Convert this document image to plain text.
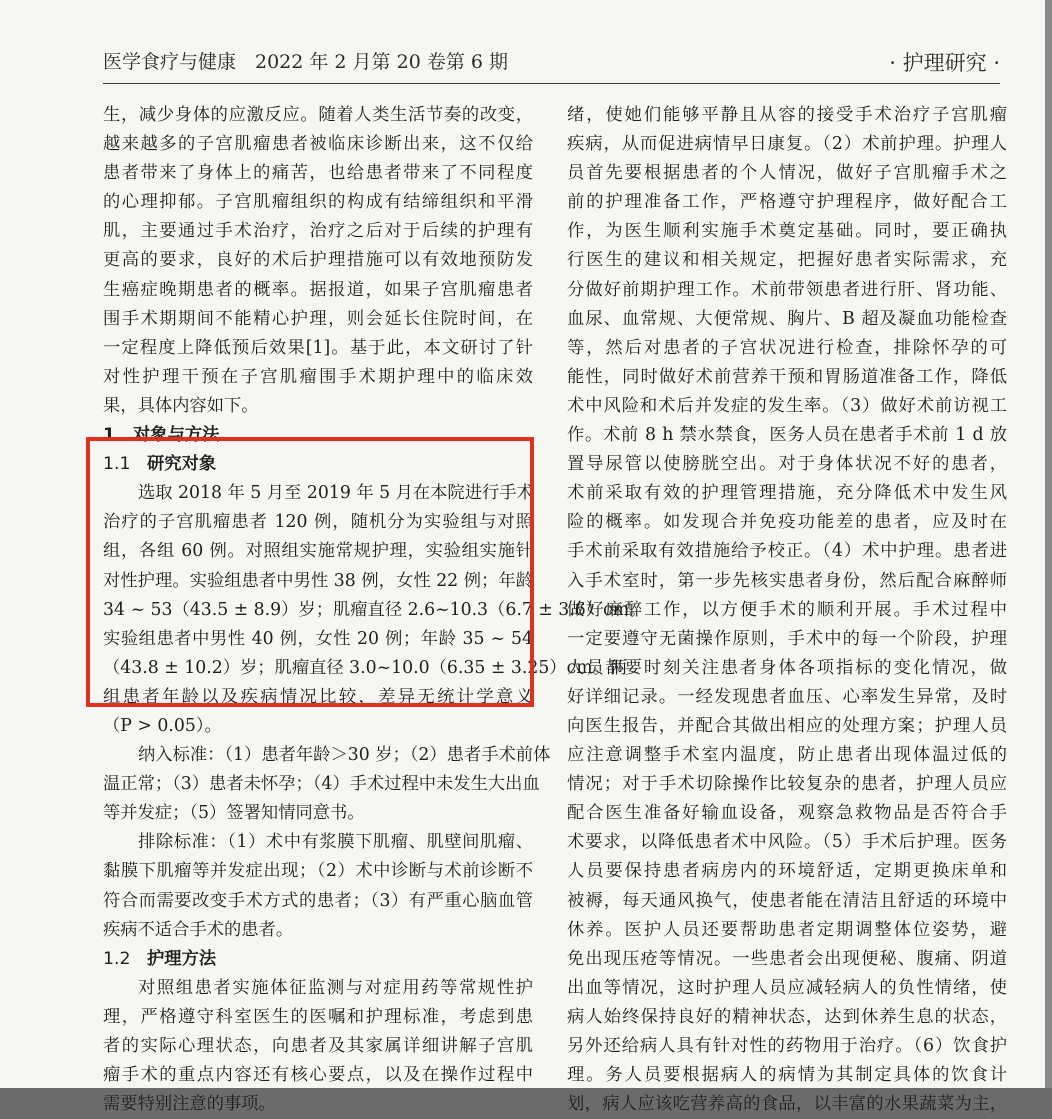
医学食疗与健康　2022 年 2 月第 20 卷第 6 期	· 护理研究 ·
生，减少身体的应激反应。随着人类生活节奏的改变，
越来越多的子宫肌瘤患者被临床诊断出来，这不仅给
患者带来了身体上的痛苦，也给患者带来了不同程度
的心理抑郁。子宫肌瘤组织的构成有结缔组织和平滑
肌，主要通过手术治疗，治疗之后对于后续的护理有
更高的要求，良好的术后护理措施可以有效地预防发
生癌症晚期患者的概率。据报道，如果子宫肌瘤患者
围手术期期间不能精心护理，则会延长住院时间，在
一定程度上降低预后效果[1]。基于此，本文研讨了针
对性护理干预在子宫肌瘤围手术期护理中的临床效
果，具体内容如下。
1 对象与方法
1.1 研究对象
选取 2018 年 5 月至 2019 年 5 月在本院进行手术
治疗的子宫肌瘤患者 120 例，随机分为实验组与对照
组，各组 60 例。对照组实施常规护理，实验组实施针
对性护理。实验组患者中男性 38 例，女性 22 例；年龄
34 ~ 53（43.5 ± 8.9）岁；肌瘤直径 2.6~10.3（6.7 ± 3.6）cm。
实验组患者中男性 40 例，女性 20 例；年龄 35 ~ 54
（43.8 ± 10.2）岁；肌瘤直径 3.0~10.0（6.35 ± 3.25）cm。两
组患者年龄以及疾病情况比较，差异无统计学意义
（P > 0.05）。
纳入标准：（1）患者年龄＞30 岁；（2）患者手术前体
温正常；（3）患者未怀孕；（4）手术过程中未发生大出血
等并发症；（5）签署知情同意书。
排除标准：（1）术中有浆膜下肌瘤、肌壁间肌瘤、
黏膜下肌瘤等并发症出现；（2）术中诊断与术前诊断不
符合而需要改变手术方式的患者；（3）有严重心脑血管
疾病不适合手术的患者。
1.2 护理方法
对照组患者实施体征监测与对症用药等常规性护
理，严格遵守科室医生的医嘱和护理标准，考虑到患
者的实际心理状态，向患者及其家属详细讲解子宫肌
瘤手术的重点内容还有核心要点，以及在操作过程中
需要特别注意的事项。
绪，使她们能够平静且从容的接受手术治疗子宫肌瘤
疾病，从而促进病情早日康复。（2）术前护理。护理人
员首先要根据患者的个人情况，做好子宫肌瘤手术之
前的护理准备工作，严格遵守护理程序，做好配合工
作，为医生顺利实施手术奠定基础。同时，要正确执
行医生的建议和相关规定，把握好患者实际需求，充
分做好前期护理工作。术前带领患者进行肝、肾功能、
血尿、血常规、大便常规、胸片、B 超及凝血功能检查
等，然后对患者的子宫状况进行检查，排除怀孕的可
能性，同时做好术前营养干预和胃肠道准备工作，降低
术中风险和术后并发症的发生率。（3）做好术前访视工
作。术前 8 h 禁水禁食，医务人员在患者手术前 1 d 放
置导尿管以使膀胱空出。对于身体状况不好的患者，
术前采取有效的护理管理措施，充分降低术中发生风
险的概率。如发现合并免疫功能差的患者，应及时在
手术前采取有效措施给予校正。（4）术中护理。患者进
入手术室时，第一步先核实患者身份，然后配合麻醉师
做好麻醉工作，以方便手术的顺利开展。手术过程中
一定要遵守无菌操作原则，手术中的每一个阶段，护理
人员都要时刻关注患者身体各项指标的变化情况，做
好详细记录。一经发现患者血压、心率发生异常，及时
向医生报告，并配合其做出相应的处理方案；护理人员
应注意调整手术室内温度，防止患者出现体温过低的
情况；对于手术切除操作比较复杂的患者，护理人员应
配合医生准备好输血设备，观察急救物品是否符合手
术要求，以降低患者术中风险。（5）手术后护理。医务
人员要保持患者病房内的环境舒适，定期更换床单和
被褥，每天通风换气，使患者能在清洁且舒适的环境中
休养。医护人员还要帮助患者定期调整体位姿势，避
免出现压疮等情况。一些患者会出现便秘、腹痛、阴道
出血等情况，这时护理人员应减轻病人的负性情绪，使
病人始终保持良好的精神状态，达到休养生息的状态，
另外还给病人具有针对性的药物用于治疗。（6）饮食护
理。务人员要根据病人的病情为其制定具体的饮食计
划，病人应该吃营养高的食品，以丰富的水果蔬菜为主，
